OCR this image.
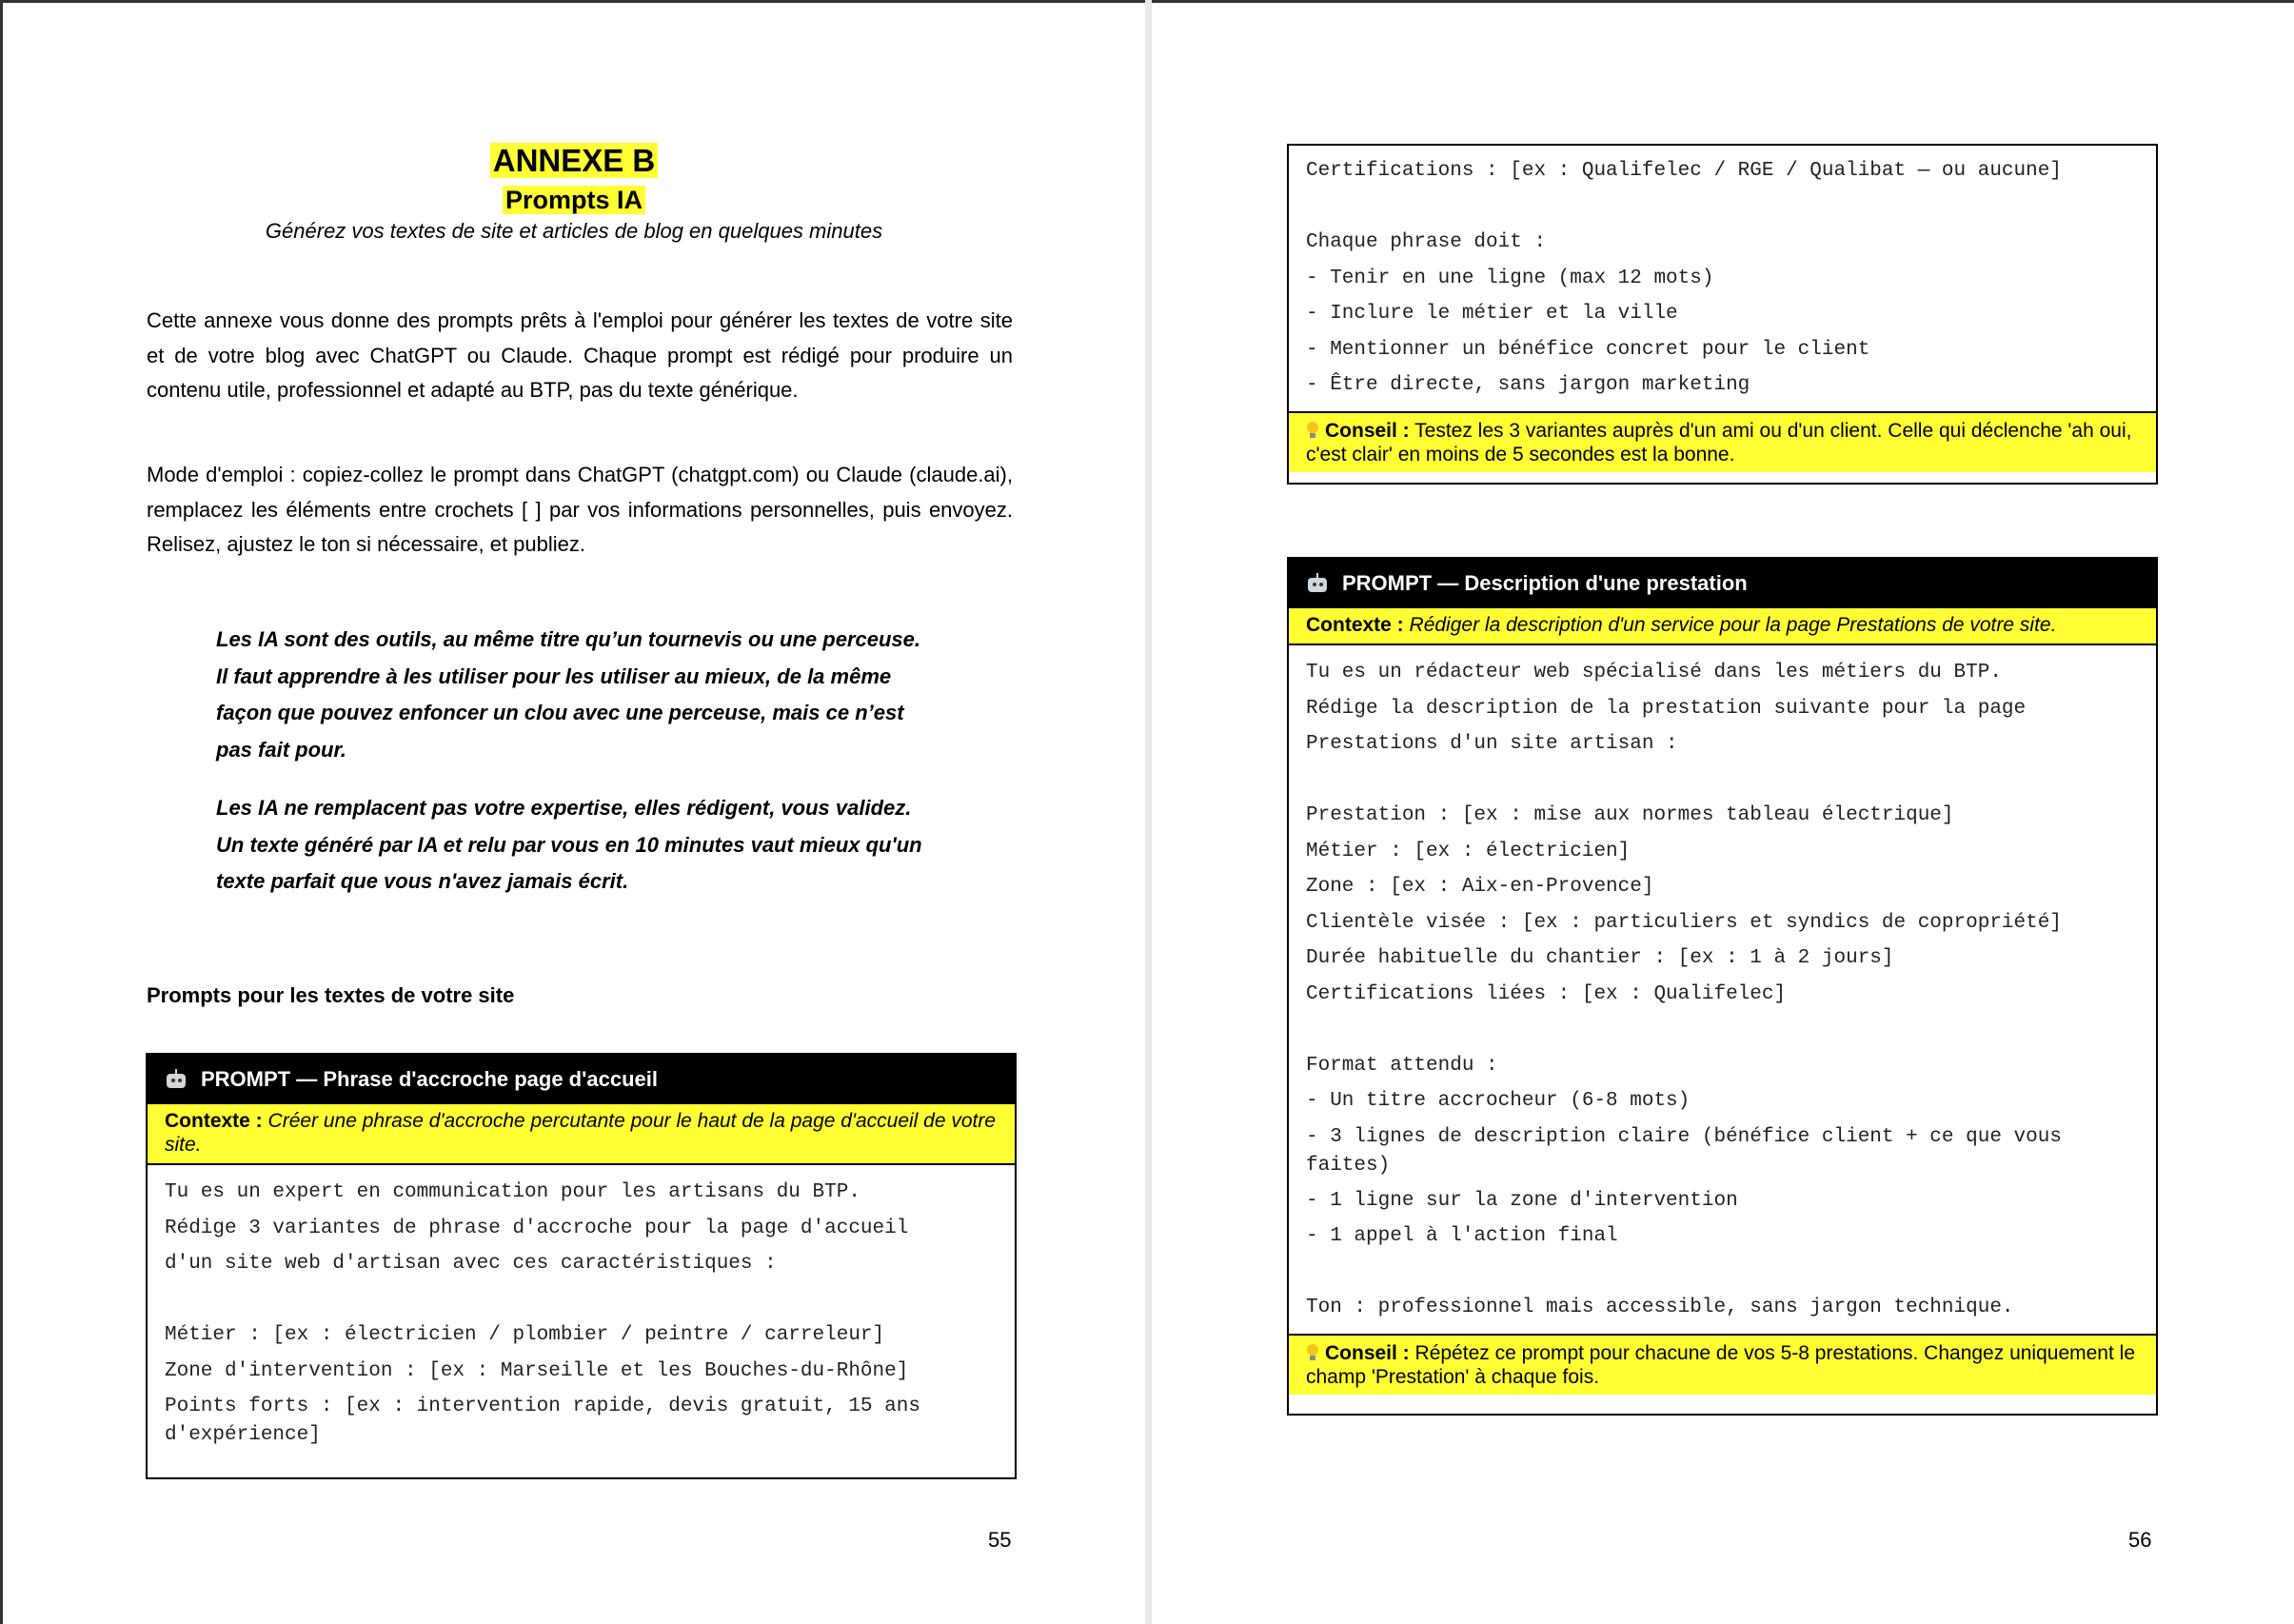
ANNEXE B
Prompts IA
Générez vos textes de site et articles de blog en quelques minutes
Cette annexe vous donne des prompts prêts à l'emploi pour générer les textes de votre site et de votre blog avec ChatGPT ou Claude. Chaque prompt est rédigé pour produire un contenu utile, professionnel et adapté au BTP, pas du texte générique.
Mode d'emploi : copiez-collez le prompt dans ChatGPT (chatgpt.com) ou Claude (claude.ai), remplacez les éléments entre crochets [ ] par vos informations personnelles, puis envoyez. Relisez, ajustez le ton si nécessaire, et publiez.
Les IA sont des outils, au même titre qu’un tournevis ou une perceuse.
Il faut apprendre à les utiliser pour les utiliser au mieux, de la même
façon que pouvez enfoncer un clou avec une perceuse, mais ce n’est
pas fait pour.
Les IA ne remplacent pas votre expertise, elles rédigent, vous validez.
Un texte généré par IA et relu par vous en 10 minutes vaut mieux qu'un
texte parfait que vous n'avez jamais écrit.
Prompts pour les textes de votre site
PROMPT — Phrase d'accroche page d'accueil
Contexte : Créer une phrase d'accroche percutante pour le haut de la page d'accueil de votre site.
Tu es un expert en communication pour les artisans du BTP.
Rédige 3 variantes de phrase d'accroche pour la page d'accueil
d'un site web d'artisan avec ces caractéristiques :
Métier : [ex : électricien / plombier / peintre / carreleur]
Zone d'intervention : [ex : Marseille et les Bouches-du-Rhône]
Points forts : [ex : intervention rapide, devis gratuit, 15 ans d'expérience]
55
Certifications : [ex : Qualifelec / RGE / Qualibat — ou aucune]
Chaque phrase doit :
- Tenir en une ligne (max 12 mots)
- Inclure le métier et la ville
- Mentionner un bénéfice concret pour le client
- Être directe, sans jargon marketing
Conseil : Testez les 3 variantes auprès d'un ami ou d'un client. Celle qui déclenche 'ah oui, c'est clair' en moins de 5 secondes est la bonne.
PROMPT — Description d'une prestation
Contexte : Rédiger la description d'un service pour la page Prestations de votre site.
Tu es un rédacteur web spécialisé dans les métiers du BTP.
Rédige la description de la prestation suivante pour la page
Prestations d'un site artisan :
Prestation : [ex : mise aux normes tableau électrique]
Métier : [ex : électricien]
Zone : [ex : Aix-en-Provence]
Clientèle visée : [ex : particuliers et syndics de copropriété]
Durée habituelle du chantier : [ex : 1 à 2 jours]
Certifications liées : [ex : Qualifelec]
Format attendu :
- Un titre accrocheur (6-8 mots)
- 3 lignes de description claire (bénéfice client + ce que vous faites)
- 1 ligne sur la zone d'intervention
- 1 appel à l'action final
Ton : professionnel mais accessible, sans jargon technique.
Conseil : Répétez ce prompt pour chacune de vos 5-8 prestations. Changez uniquement le champ 'Prestation' à chaque fois.
56
